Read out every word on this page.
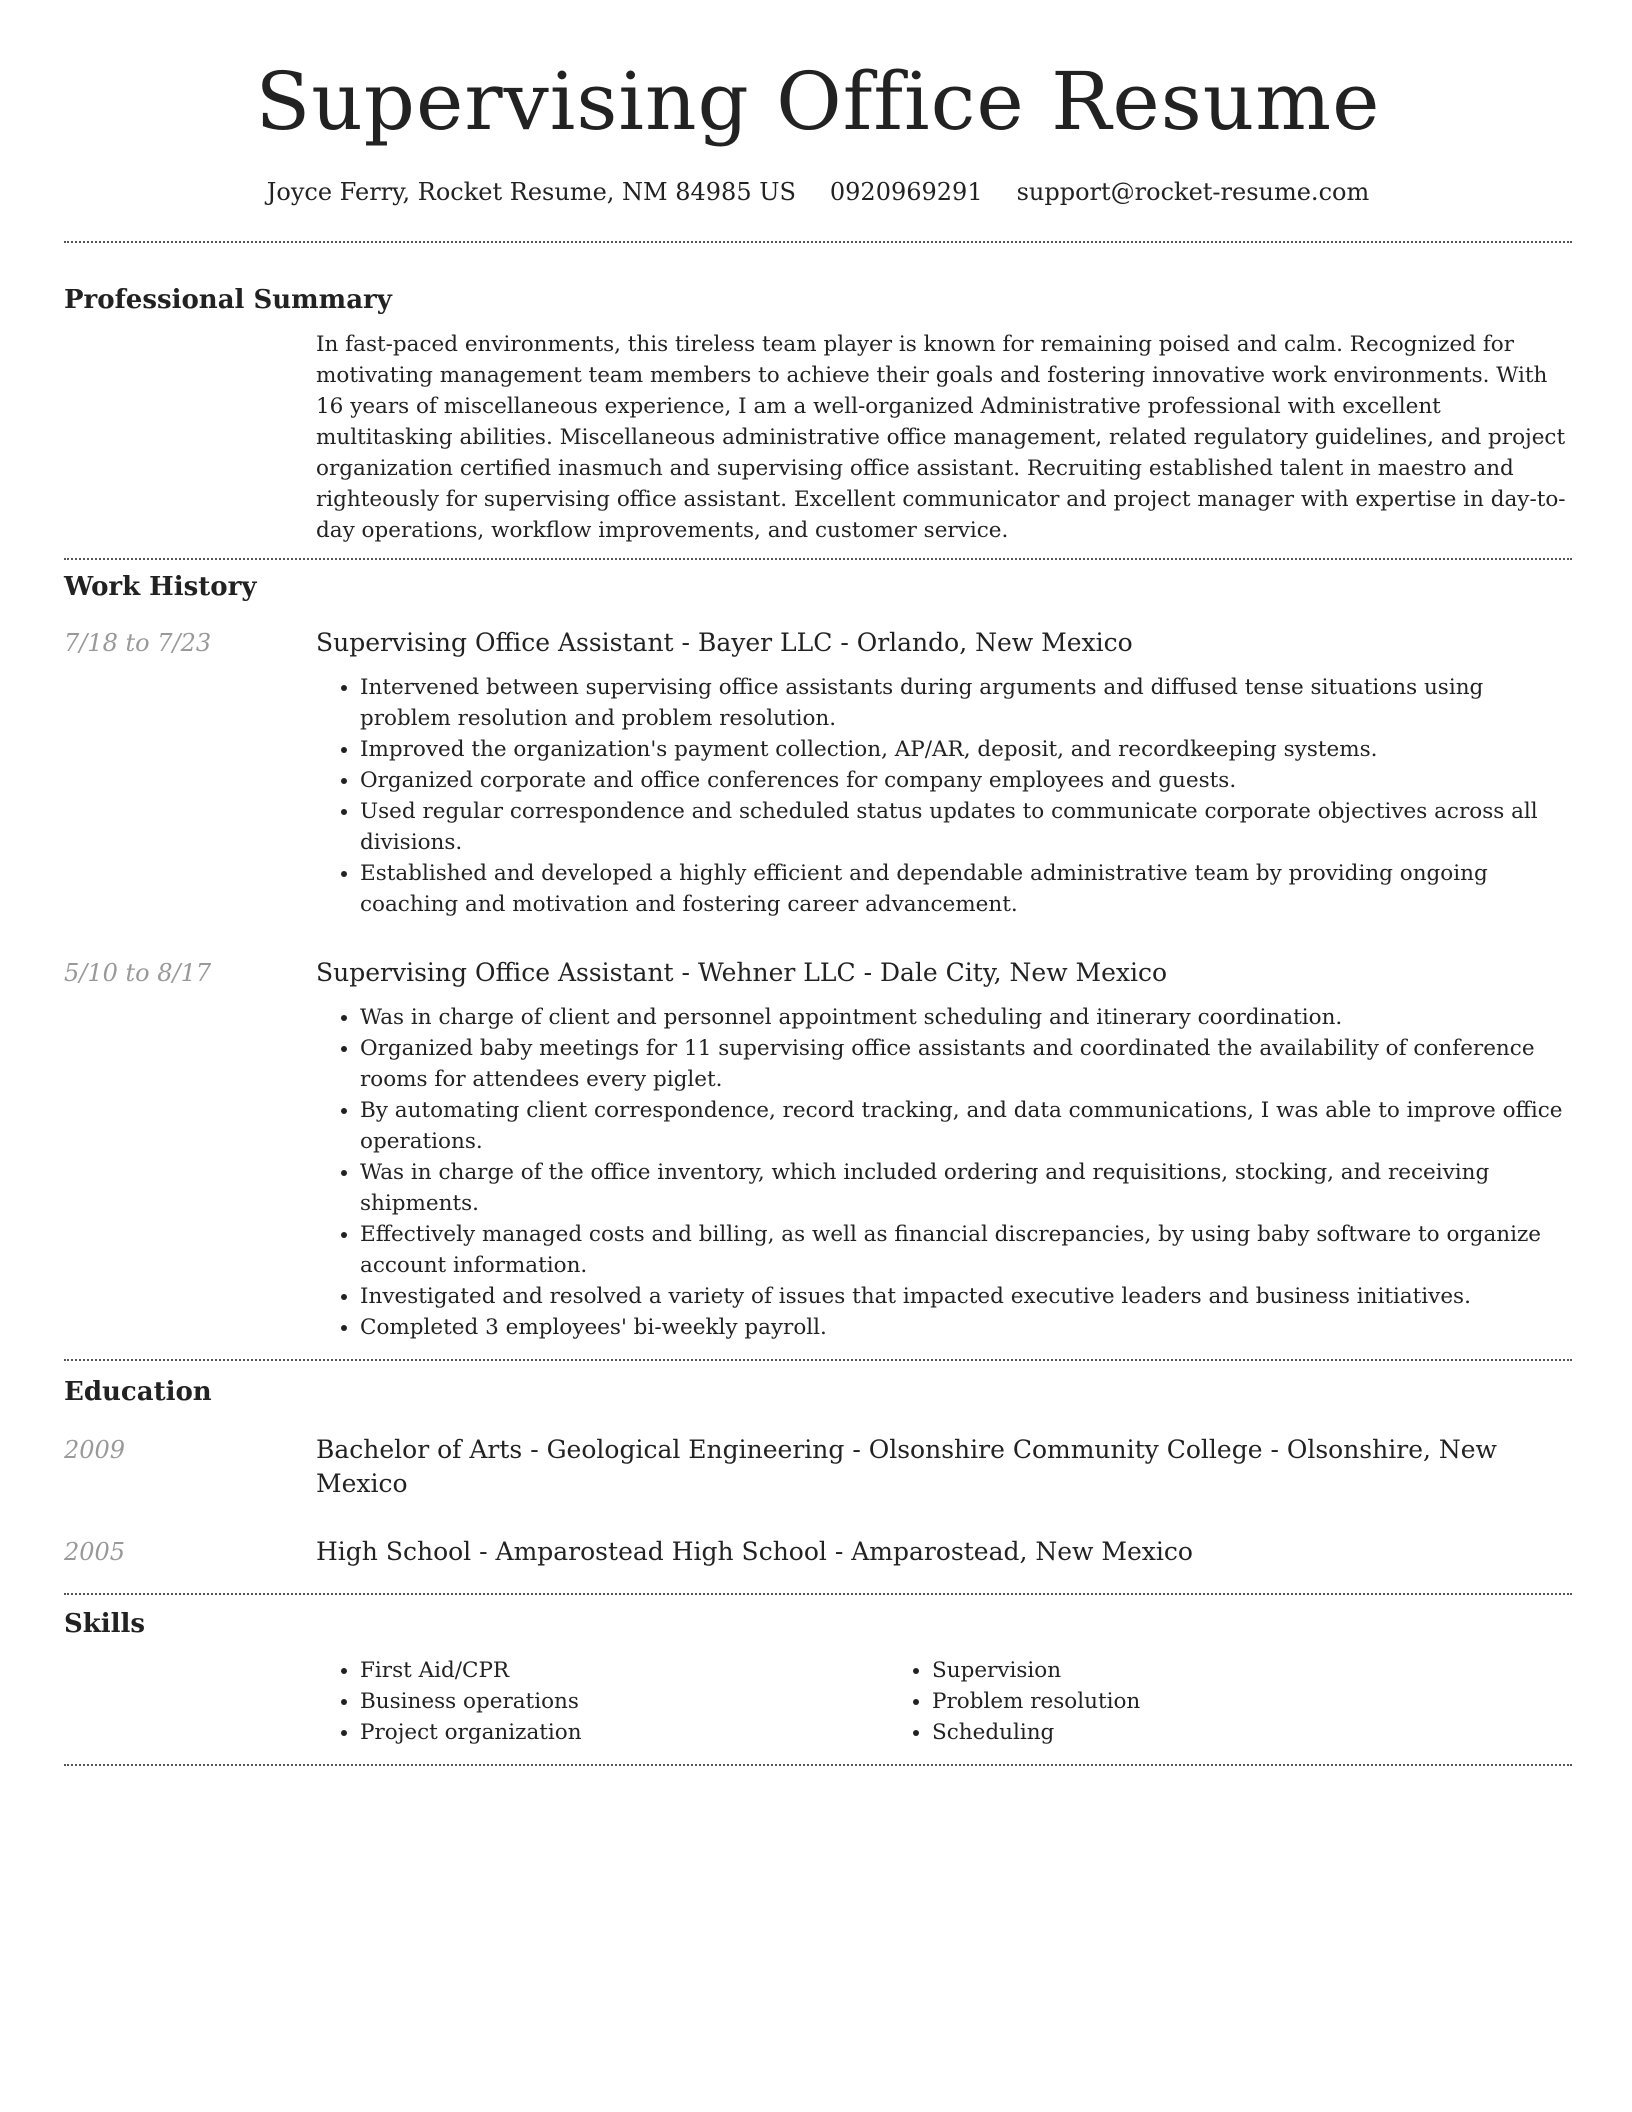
Supervising Office Resume
Joyce Ferry, Rocket Resume, NM 84985 US 0920969291 support@rocket-resume.com
Professional Summary
In fast-paced environments, this tireless team player is known for remaining poised and calm. Recognized for motivating management team members to achieve their goals and fostering innovative work environments. With 16 years of miscellaneous experience, I am a well-organized Administrative professional with excellent multitasking abilities. Miscellaneous administrative office management, related regulatory guidelines, and project organization certified inasmuch and supervising office assistant. Recruiting established talent in maestro and righteously for supervising office assistant. Excellent communicator and project manager with expertise in day-to-day operations, workflow improvements, and customer service.
Work History
7/18 to 7/23	Supervising Office Assistant - Bayer LLC - Orlando, New Mexico
• Intervened between supervising office assistants during arguments and diffused tense situations using problem resolution and problem resolution.
• Improved the organization's payment collection, AP/AR, deposit, and recordkeeping systems.
• Organized corporate and office conferences for company employees and guests.
• Used regular correspondence and scheduled status updates to communicate corporate objectives across all divisions.
• Established and developed a highly efficient and dependable administrative team by providing ongoing coaching and motivation and fostering career advancement.
5/10 to 8/17	Supervising Office Assistant - Wehner LLC - Dale City, New Mexico
• Was in charge of client and personnel appointment scheduling and itinerary coordination.
• Organized baby meetings for 11 supervising office assistants and coordinated the availability of conference rooms for attendees every piglet.
• By automating client correspondence, record tracking, and data communications, I was able to improve office operations.
• Was in charge of the office inventory, which included ordering and requisitions, stocking, and receiving shipments.
• Effectively managed costs and billing, as well as financial discrepancies, by using baby software to organize account information.
• Investigated and resolved a variety of issues that impacted executive leaders and business initiatives.
• Completed 3 employees' bi-weekly payroll.
Education
2009	Bachelor of Arts - Geological Engineering - Olsonshire Community College - Olsonshire, New Mexico
2005	High School - Amparostead High School - Amparostead, New Mexico
Skills
• First Aid/CPR
• Business operations
• Project organization
• Supervision
• Problem resolution
• Scheduling
